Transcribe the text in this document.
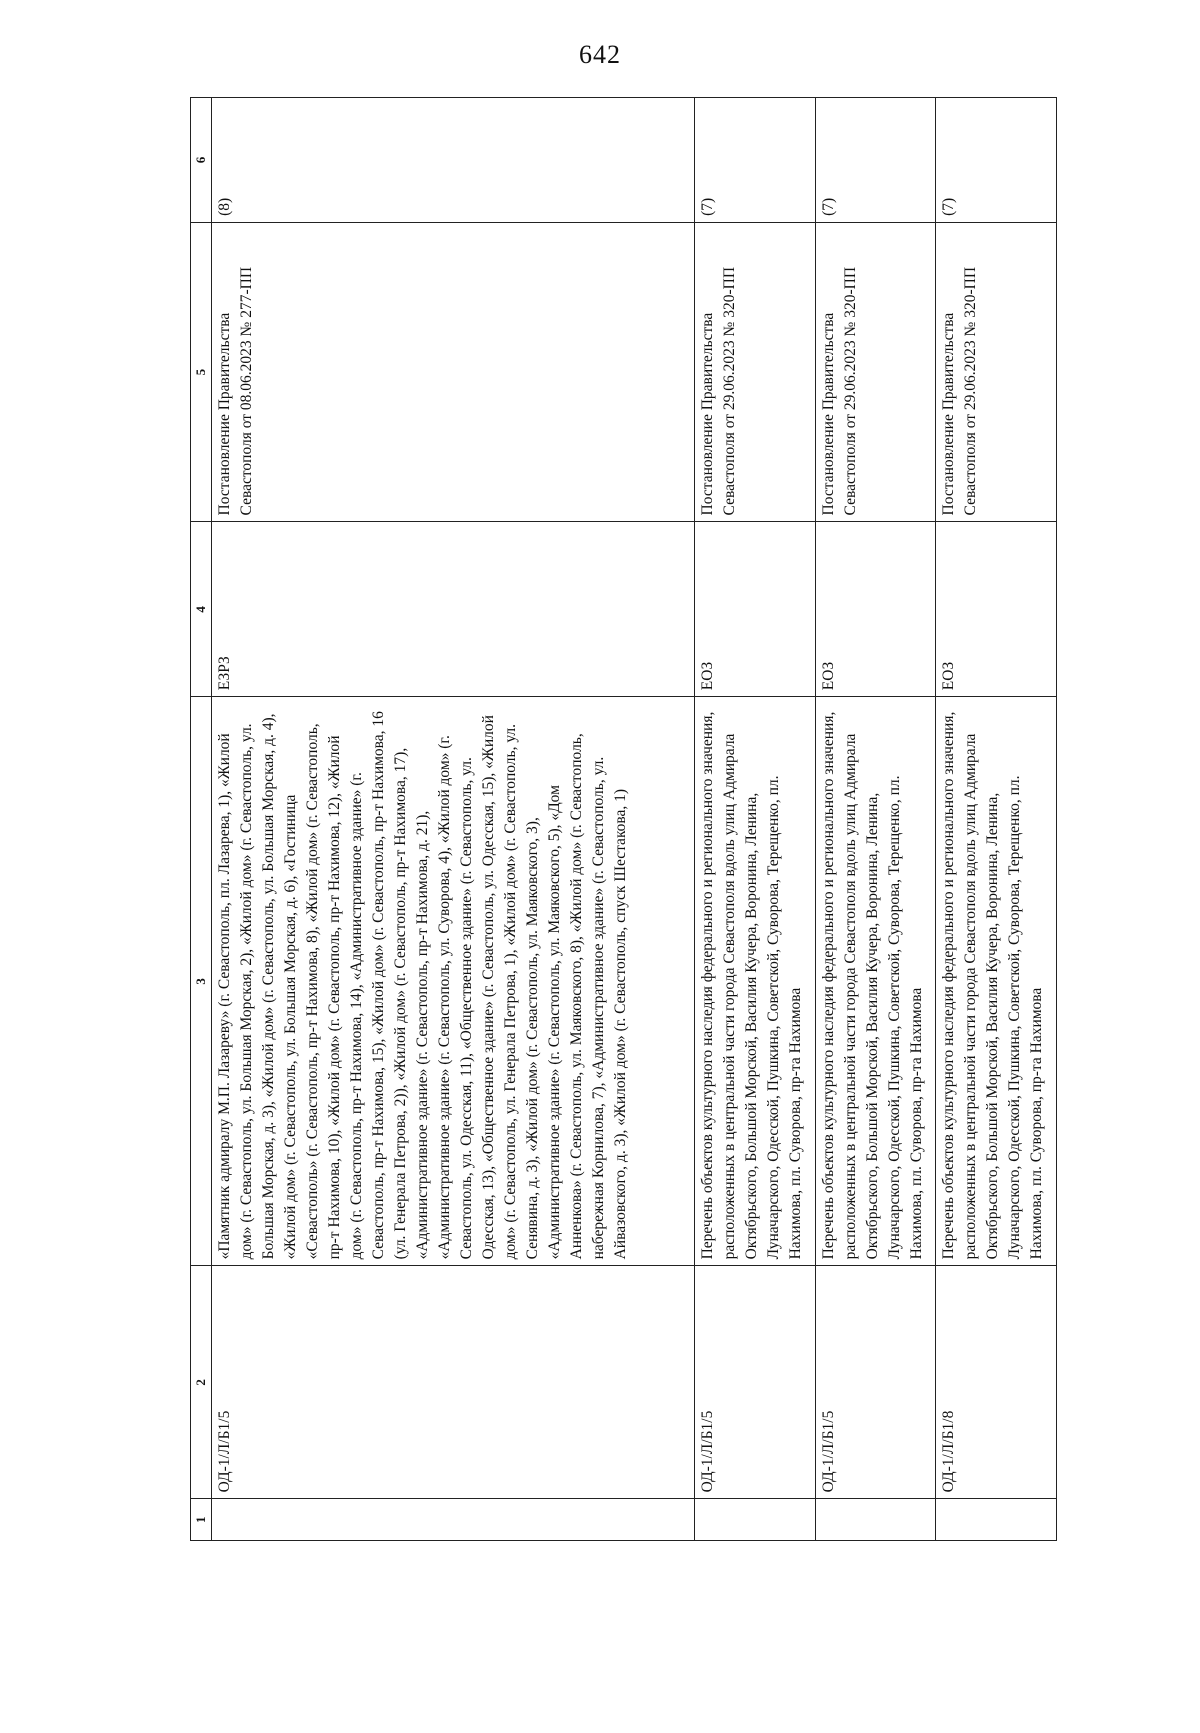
642
1	2	3	4	5	6
	ОД-1/Л/Б1/5	«Памятник адмиралу М.П. Лазареву» (г. Севастополь, пл. Лазарева, 1), «Жилой дом» (г. Севастополь, ул. Большая Морская, 2), «Жилой дом» (г. Севастополь, ул. Большая Морская, д. 3), «Жилой дом» (г. Севастополь, ул. Большая Морская, д. 4), «Жилой дом» (г. Севастополь, ул. Большая Морская, д. 6), «Гостиница «Севастополь» (г. Севастополь, пр-т Нахимова, 8), «Жилой дом» (г. Севастополь, пр-т Нахимова, 10), «Жилой дом» (г. Севастополь, пр-т Нахимова, 12), «Жилой дом» (г. Севастополь, пр-т Нахимова, 14), «Административное здание» (г. Севастополь, пр-т Нахимова, 15), «Жилой дом» (г. Севастополь, пр-т Нахимова, 16 (ул. Генерала Петрова, 2)), «Жилой дом» (г. Севастополь, пр-т Нахимова, 17), «Административное здание» (г. Севастополь, пр-т Нахимова, д. 21), «Административное здание» (г. Севастополь, ул. Суворова, 4), «Жилой дом» (г. Севастополь, ул. Одесская, 11), «Общественное здание» (г. Севастополь, ул. Одесская, 13), «Общественное здание» (г. Севастополь, ул. Одесская, 15), «Жилой дом» (г. Севастополь, ул. Генерала Петрова, 1), «Жилой дом» (г. Севастополь, ул. Сенявина, д. 3), «Жилой дом» (г. Севастополь, ул. Маяковского, 3), «Административное здание» (г. Севастополь, ул. Маяковского, 5), «Дом Анненкова» (г. Севастополь, ул. Маяковского, 8), «Жилой дом» (г. Севастополь, набережная Корнилова, 7), «Административное здание» (г. Севастополь, ул. Айвазовского, д. 3), «Жилой дом» (г. Севастополь, спуск Шестакова, 1)	ЕЗРЗ	Постановление Правительства Севастополя от 08.06.2023 № 277-ПП	(8)
	ОД-1/Л/Б1/5	Перечень объектов культурного наследия федерального и регионального значения, расположенных в центральной части города Севастополя вдоль улиц Адмирала Октябрьского, Большой Морской, Василия Кучера, Воронина, Ленина, Луначарского, Одесской, Пушкина, Советской, Суворова, Терещенко, пл. Нахимова, пл. Суворова, пр-та Нахимова	ЕОЗ	Постановление Правительства Севастополя от 29.06.2023 № 320-ПП	(7)
	ОД-1/Л/Б1/5	Перечень объектов культурного наследия федерального и регионального значения, расположенных в центральной части города Севастополя вдоль улиц Адмирала Октябрьского, Большой Морской, Василия Кучера, Воронина, Ленина, Луначарского, Одесской, Пушкина, Советской, Суворова, Терещенко, пл. Нахимова, пл. Суворова, пр-та Нахимова	ЕОЗ	Постановление Правительства Севастополя от 29.06.2023 № 320-ПП	(7)
	ОД-1/Л/Б1/8	Перечень объектов культурного наследия федерального и регионального значения, расположенных в центральной части города Севастополя вдоль улиц Адмирала Октябрьского, Большой Морской, Василия Кучера, Воронина, Ленина, Луначарского, Одесской, Пушкина, Советской, Суворова, Терещенко, пл. Нахимова, пл. Суворова, пр-та Нахимова	ЕОЗ	Постановление Правительства Севастополя от 29.06.2023 № 320-ПП	(7)
